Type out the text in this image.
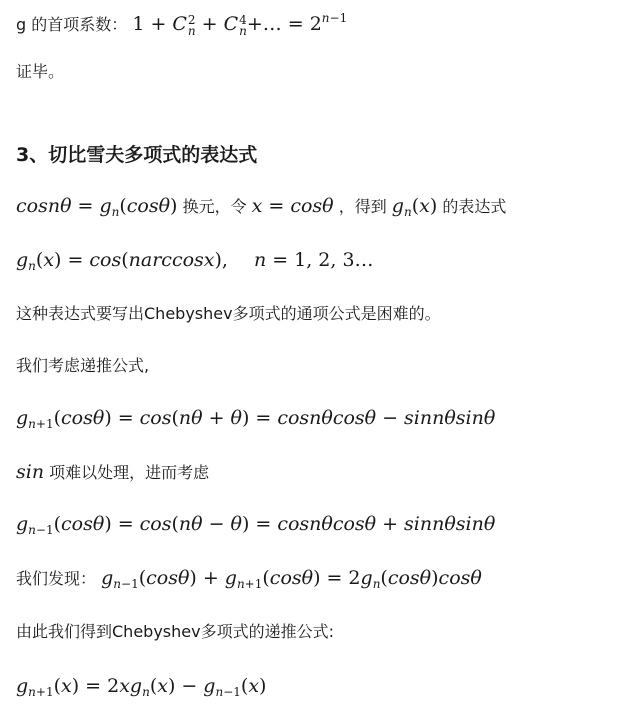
g 的首项系数： 1 + C 2
n + C 4
n +… = $2^{n-1}$
证毕。
3、切比雪夫多项式的表达式
$\cos n\theta = g_n(\cos\theta)$ 换元，令 x = cosθ ，得到 $g_n(x)$ 的表达式
$g_n(x) = \cos(narccosx)$, n = 1, 2, 3…
这种表达式要写出Chebyshev多项式的通项公式是困难的。
我们考虑递推公式,
$g_{n+1}(\cos\theta) = \cos(n\theta + \theta) = \cos n\theta\cos\theta - \sin n\theta\sin\theta$
sin 项难以处理，进而考虑
$g_{n-1}(\cos\theta) = \cos(n\theta - \theta) = \cos n\theta\cos\theta + \sin n\theta\sin\theta$
我们发现： $g_{n-1}(\cos\theta) + g_{n+1}(\cos\theta) = 2g_n(\cos\theta)\cos\theta$
由此我们得到Chebyshev多项式的递推公式:
$g_{n+1}(x) = 2xg_n(x) - g_{n-1}(x)$
